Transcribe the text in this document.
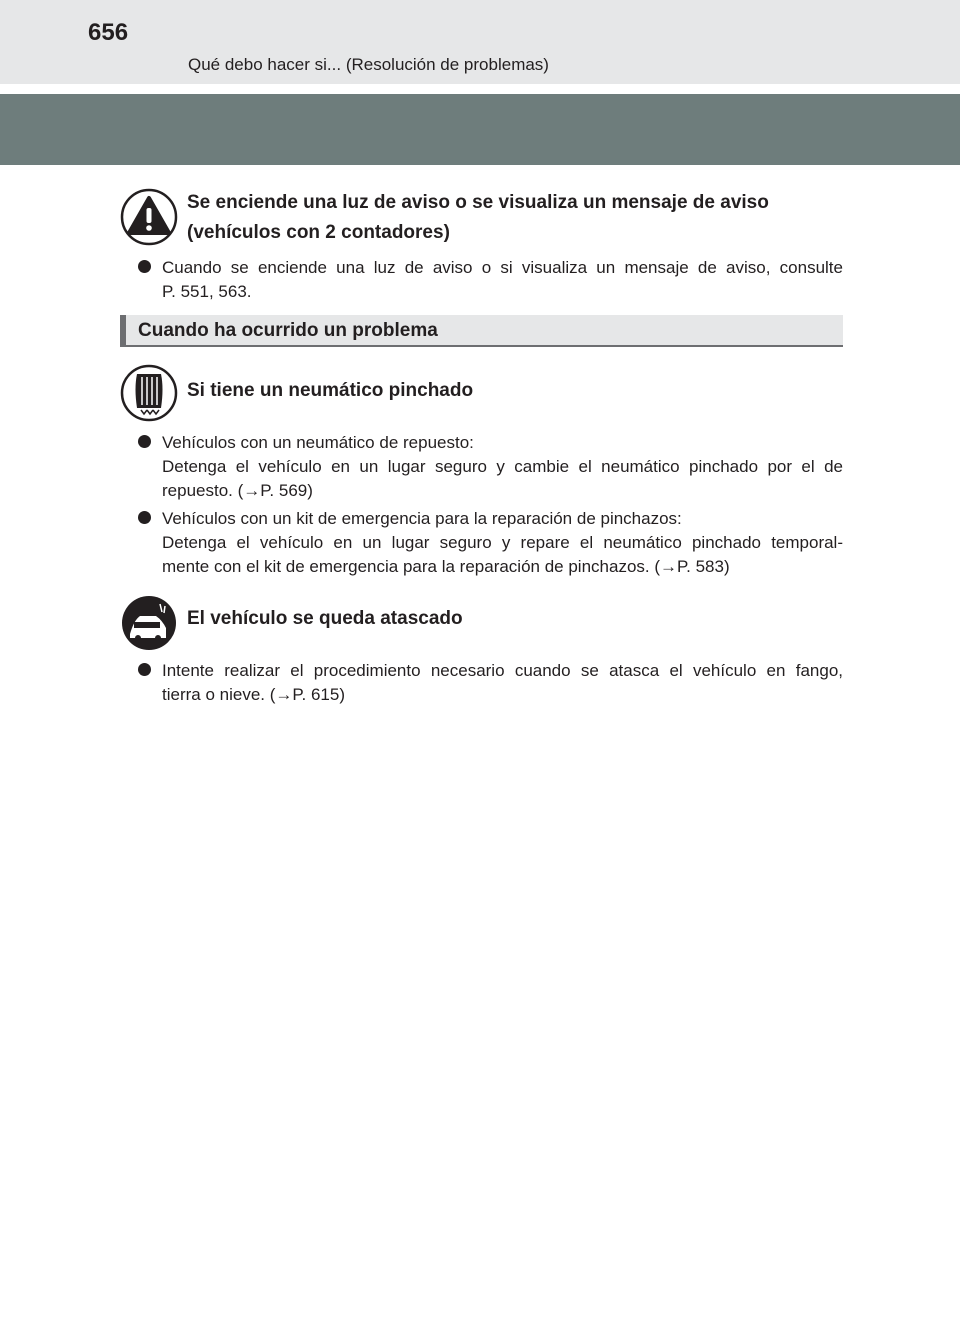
656
Qué debo hacer si... (Resolución de problemas)
Se enciende una luz de aviso o se visualiza un mensaje de aviso
(vehículos con 2 contadores)
Cuando se enciende una luz de aviso o si visualiza un mensaje de aviso, consulte
P. 551, 563.
Cuando ha ocurrido un problema
Si tiene un neumático pinchado
Vehículos con un neumático de repuesto:
Detenga el vehículo en un lugar seguro y cambie el neumático pinchado por el de
repuesto. (→P. 569)
Vehículos con un kit de emergencia para la reparación de pinchazos:
Detenga el vehículo en un lugar seguro y repare el neumático pinchado temporal-
mente con el kit de emergencia para la reparación de pinchazos. (→P. 583)
El vehículo se queda atascado
Intente realizar el procedimiento necesario cuando se atasca el vehículo en fango,
tierra o nieve. (→P. 615)
